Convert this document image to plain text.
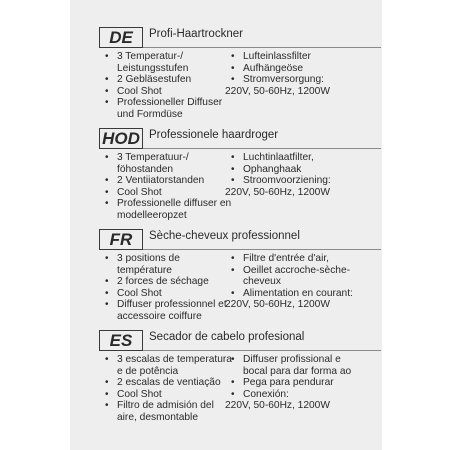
DE	Profi-Haartrockner
• 3 Temperatur-/
Leistungsstufen
• 2 Gebläsestufen
• Cool Shot
• Professioneller Diffuser
und Formdüse
• Lufteinlassfilter
• Aufhängeöse
• Stromversorgung:
220V, 50-60Hz, 1200W
HOD Professionele haardroger
• 3 Temperatuur-/
föhostanden
• 2 Ventiiatorstanden
• Cool Shot
• Professionelle diffuser en
modelleeropzet
• Luchtinlaatfilter,
• Ophanghaak
• Stroomvoorziening:
220V, 50-60Hz, 1200W
FR	Sèche-cheveux professionnel
• 3 positions de
température
• 2 forces de séchage
• Cool Shot
• Diffuser professionnel et
accessoire coiffure
• Filtre d'entrée d'air,
• Oeillet accroche-sèche-
cheveux
• Alimentation en courant:
220V, 50-60Hz, 1200W
ES	Secador de cabelo profesional
• 3 escalas de temperatura
e de potência
• 2 escalas de ventiação
• Cool Shot
• Filtro de admisión del
aire, desmontable
• Diffuser profissional e
bocal para dar forma ao
• Pega para pendurar
• Conexión:
220V, 50-60Hz, 1200W
